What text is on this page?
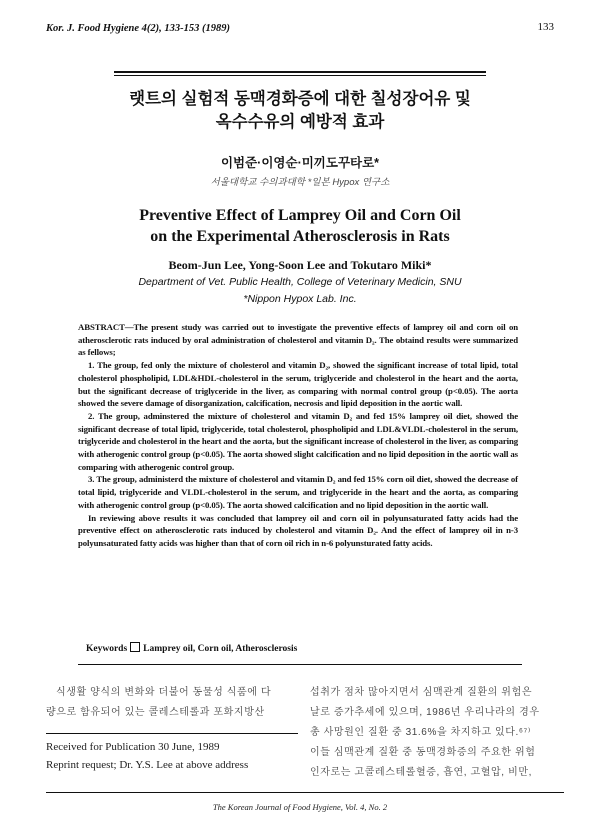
Kor. J. Food Hygiene 4(2), 133-153 (1989)	133
랫트의 실험적 동맥경화증에 대한 칠성장어유 및
옥수수유의 예방적 효과
이범준·이영순·미끼도꾸타로*
서울대학교 수의과대학 *일본 Hypox 연구소
Preventive Effect of Lamprey Oil and Corn Oil
on the Experimental Atherosclerosis in Rats
Beom-Jun Lee, Yong-Soon Lee and Tokutaro Miki*
Department of Vet. Public Health, College of Veterinary Medicin, SNU
*Nippon Hypox Lab. Inc.

ABSTRACT—The present study was carried out to investigate the preventive effects of lamprey oil and corn oil on atherosclerotic rats induced by oral administration of cholesterol and vitamin D₂. The obtaind results were summarized as fellows;

1. The group, fed only the mixture of cholesterol and vitamin D₂, showed the significant increase of total lipid, total cholesterol phospholipid, LDL&HDL-cholesterol in the serum, triglyceride and cholesterol in the heart and the aorta, but the significant decrease of triglyceride in the liver, as comparing with normal control group (p<0.05). The aorta showed the severe damage of disorganization, calcification, necrosis and lipid deposition in the aortic wall.

2. The group, adminstered the mixture of cholesterol and vitamin D₂ and fed 15% lamprey oil diet, showed the significant decrease of total lipid, triglyceride, total cholesterol, phospholipid and LDL&VLDL-cholesterol in the serum, triglyceride and cholesterol in the heart and the aorta, but the significant increase of cholesterol in the liver, as comparing with atherogenic control group (p<0.05). The aorta showed slight calcification and no lipid deposition in the aortic wall as comparing with atherogenic control group.

3. The group, administerd the mixture of cholesterol and vitamin D₂ and fed 15% corn oil diet, showed the decrease of total lipid, triglyceride and VLDL-cholesterol in the serum, and triglyceride in the heart and the aorta, as comparing with atherogenic control group (p<0.05). The aorta showed calcification and no lipid deposition in the aortic wall.

In reviewing above results it was concluded that lamprey oil and corn oil in polyunsaturated fatty acids had the preventive effect on atherosclerotic rats induced by cholesterol and vitamin D₂. And the effect of lamprey oil in n-3 polyunsaturated fatty acids was higher than that of corn oil rich in n-6 polyunsturated fatty acids.

Keywords Lamprey oil, Corn oil, Atherosclerosis

식생활 양식의 변화와 더불어 동물성 식품에 다

량으로 함유되어 있는 콜레스테롤과 포화지방산

Received for Publication 30 June, 1989
Reprint request; Dr. Y.S. Lee at above address

섭취가 점차 많아지면서 심맥관계 질환의 위험은

날로 증가추세에 있으며, 1986년 우리나라의 경우

총 사망원인 질환 중 31.6%을 차지하고 있다.⁶⁷⁾

이들 심맥관계 질환 중 동맥경화증의 주요한 위험

인자로는 고콜레스테롤혈증, 흡연, 고혈압, 비만,

The Korean Journal of Food Hygiene, Vol. 4, No. 2
